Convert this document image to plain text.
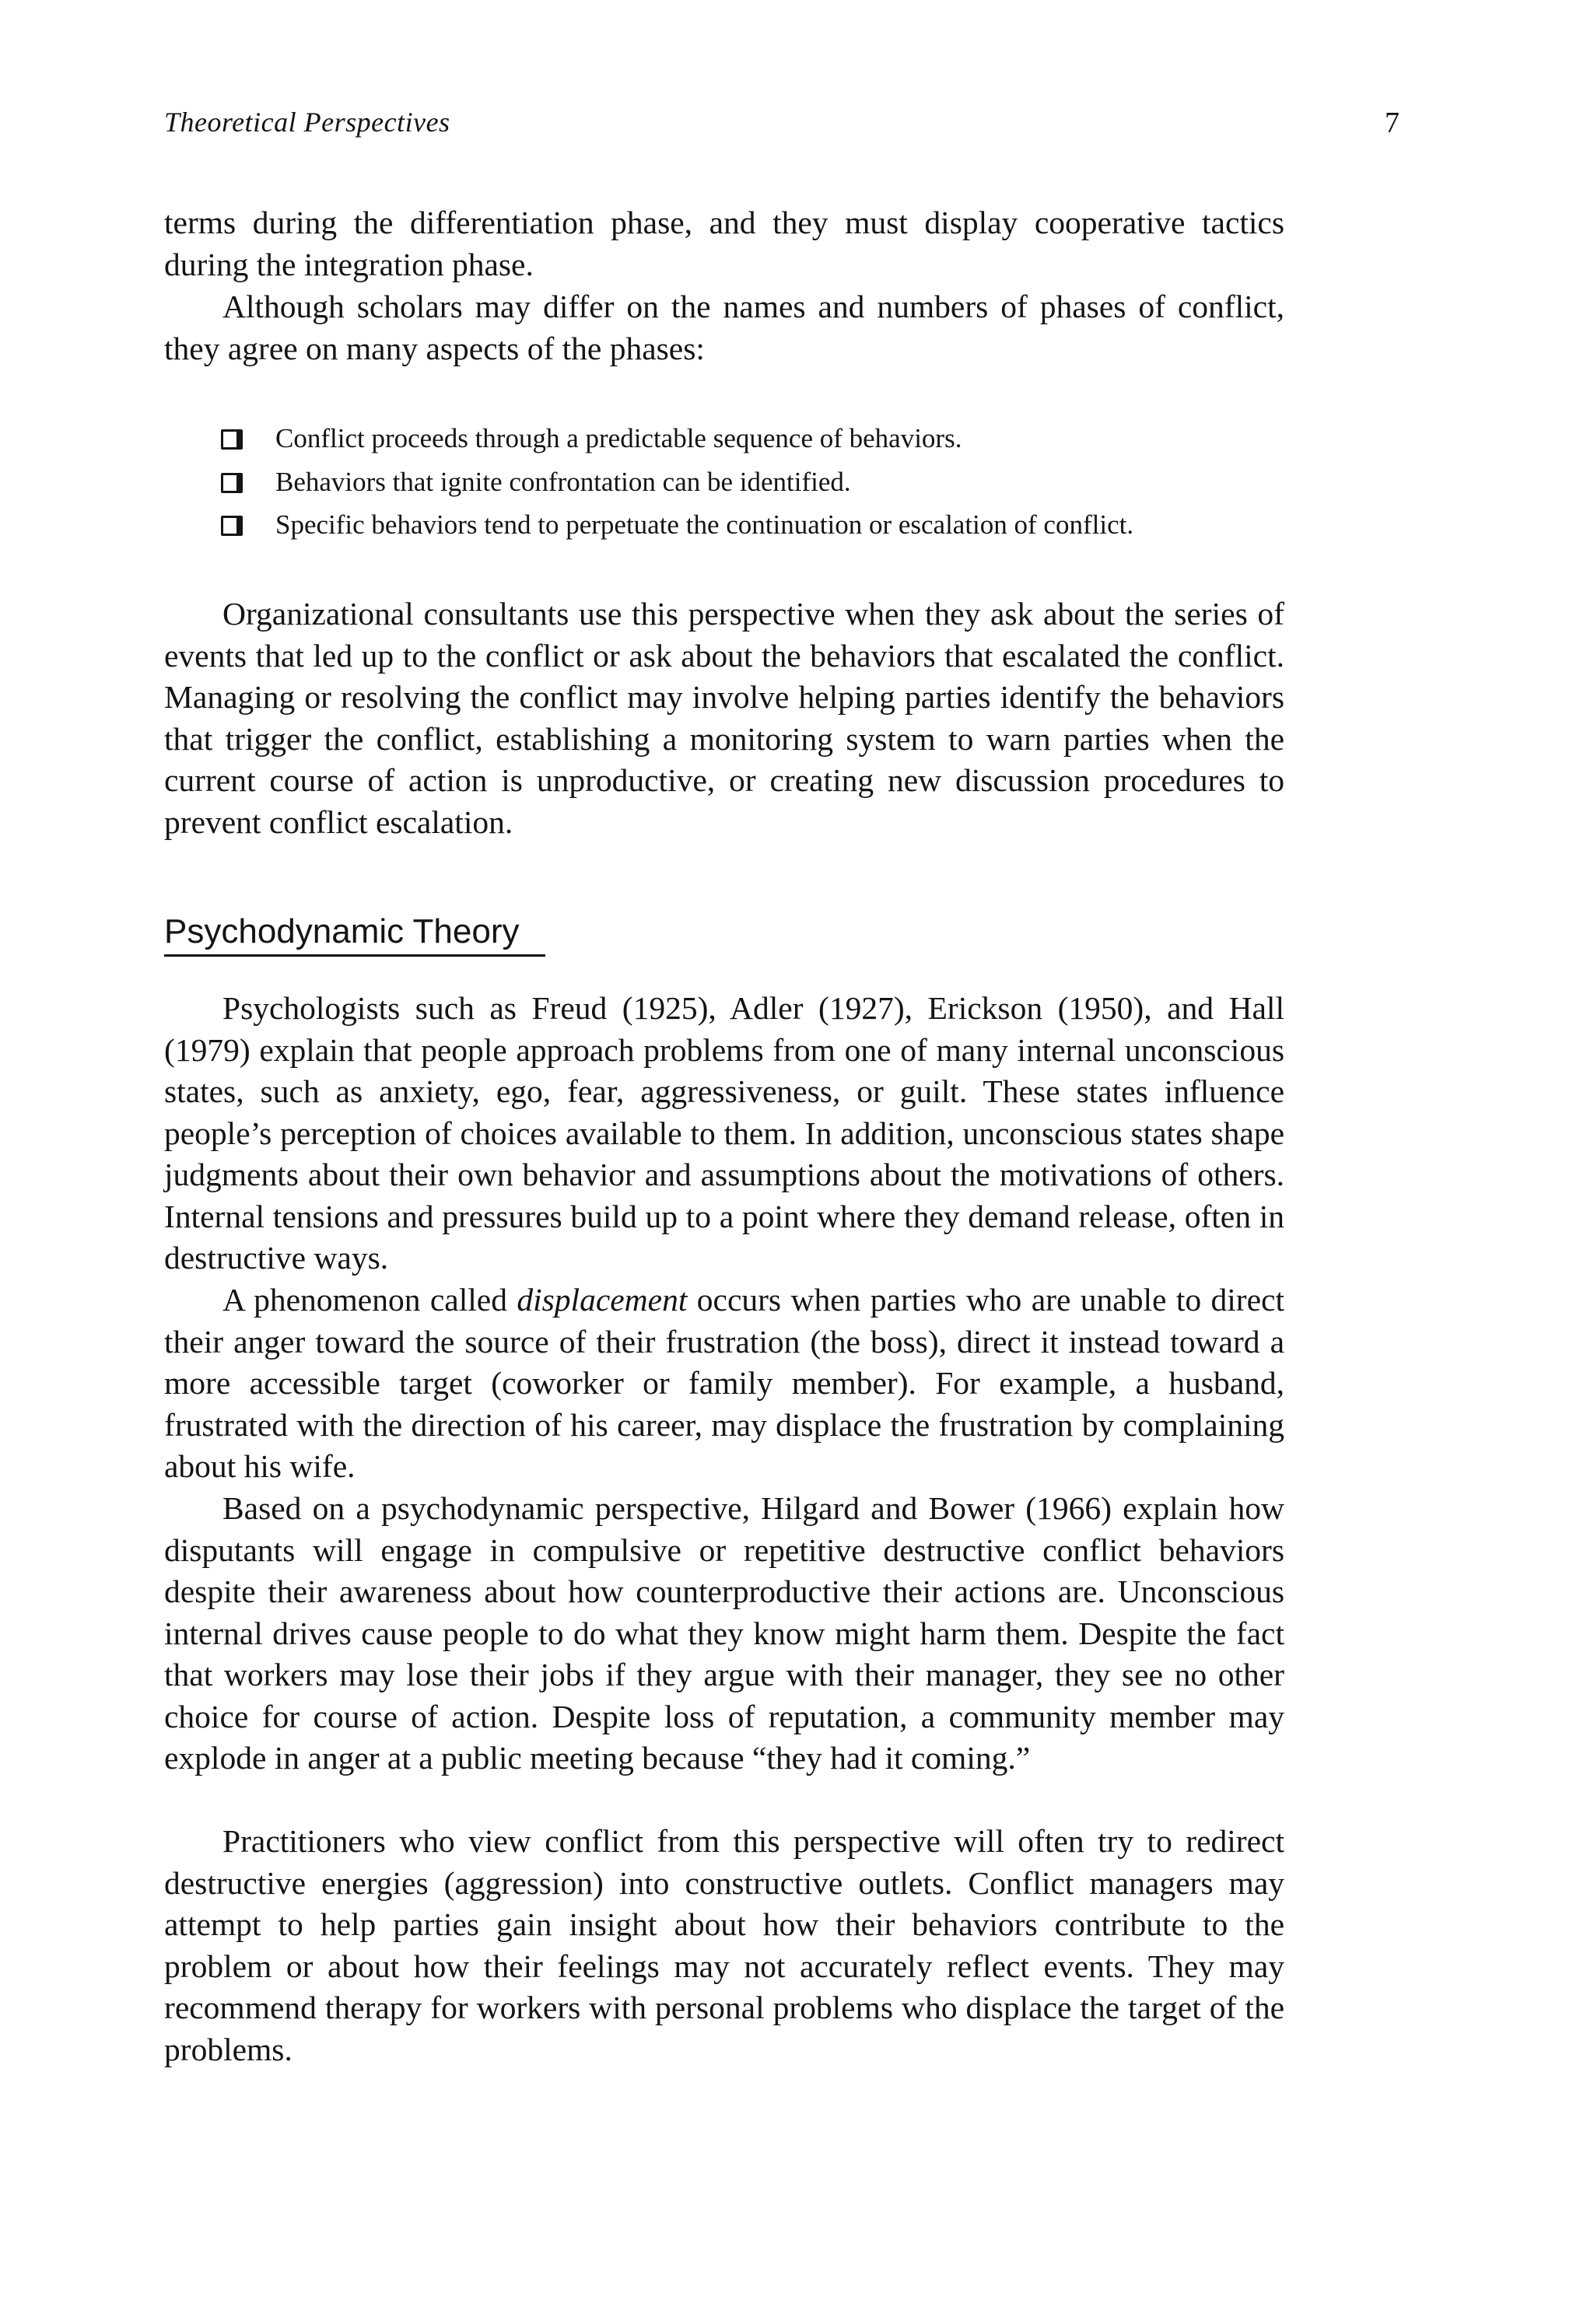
Theoretical Perspectives	7

terms during the differentiation phase, and they must display cooperative tactics during the integration phase.

Although scholars may differ on the names and numbers of phases of conflict, they agree on many aspects of the phases:

Conflict proceeds through a predictable sequence of behaviors.
Behaviors that ignite confrontation can be identified.
Specific behaviors tend to perpetuate the continuation or escalation of conflict.

Organizational consultants use this perspective when they ask about the series of events that led up to the conflict or ask about the behaviors that escalated the conflict. Managing or resolving the conflict may involve helping parties identify the behaviors that trigger the conflict, establishing a monitoring system to warn parties when the current course of action is unproductive, or creating new discussion procedures to prevent conflict escalation.

Psychodynamic Theory

Psychologists such as Freud (1925), Adler (1927), Erickson (1950), and Hall (1979) explain that people approach problems from one of many internal unconscious states, such as anxiety, ego, fear, aggressiveness, or guilt. These states influence people’s perception of choices available to them. In addition, unconscious states shape judgments about their own behavior and assumptions about the motivations of others. Internal tensions and pressures build up to a point where they demand release, often in destructive ways.

A phenomenon called displacement occurs when parties who are unable to direct their anger toward the source of their frustration (the boss), direct it instead toward a more accessible target (coworker or family member). For example, a husband, frustrated with the direction of his career, may displace the frustration by complaining about his wife.

Based on a psychodynamic perspective, Hilgard and Bower (1966) explain how disputants will engage in compulsive or repetitive destructive conflict behaviors despite their awareness about how counterproductive their actions are. Unconscious internal drives cause people to do what they know might harm them. Despite the fact that workers may lose their jobs if they argue with their manager, they see no other choice for course of action. Despite loss of reputation, a community member may explode in anger at a public meeting because “they had it coming.”

Practitioners who view conflict from this perspective will often try to redirect destructive energies (aggression) into constructive outlets. Conflict managers may attempt to help parties gain insight about how their behaviors contribute to the problem or about how their feelings may not accurately reflect events. They may recommend therapy for workers with personal problems who displace the target of the problems.
